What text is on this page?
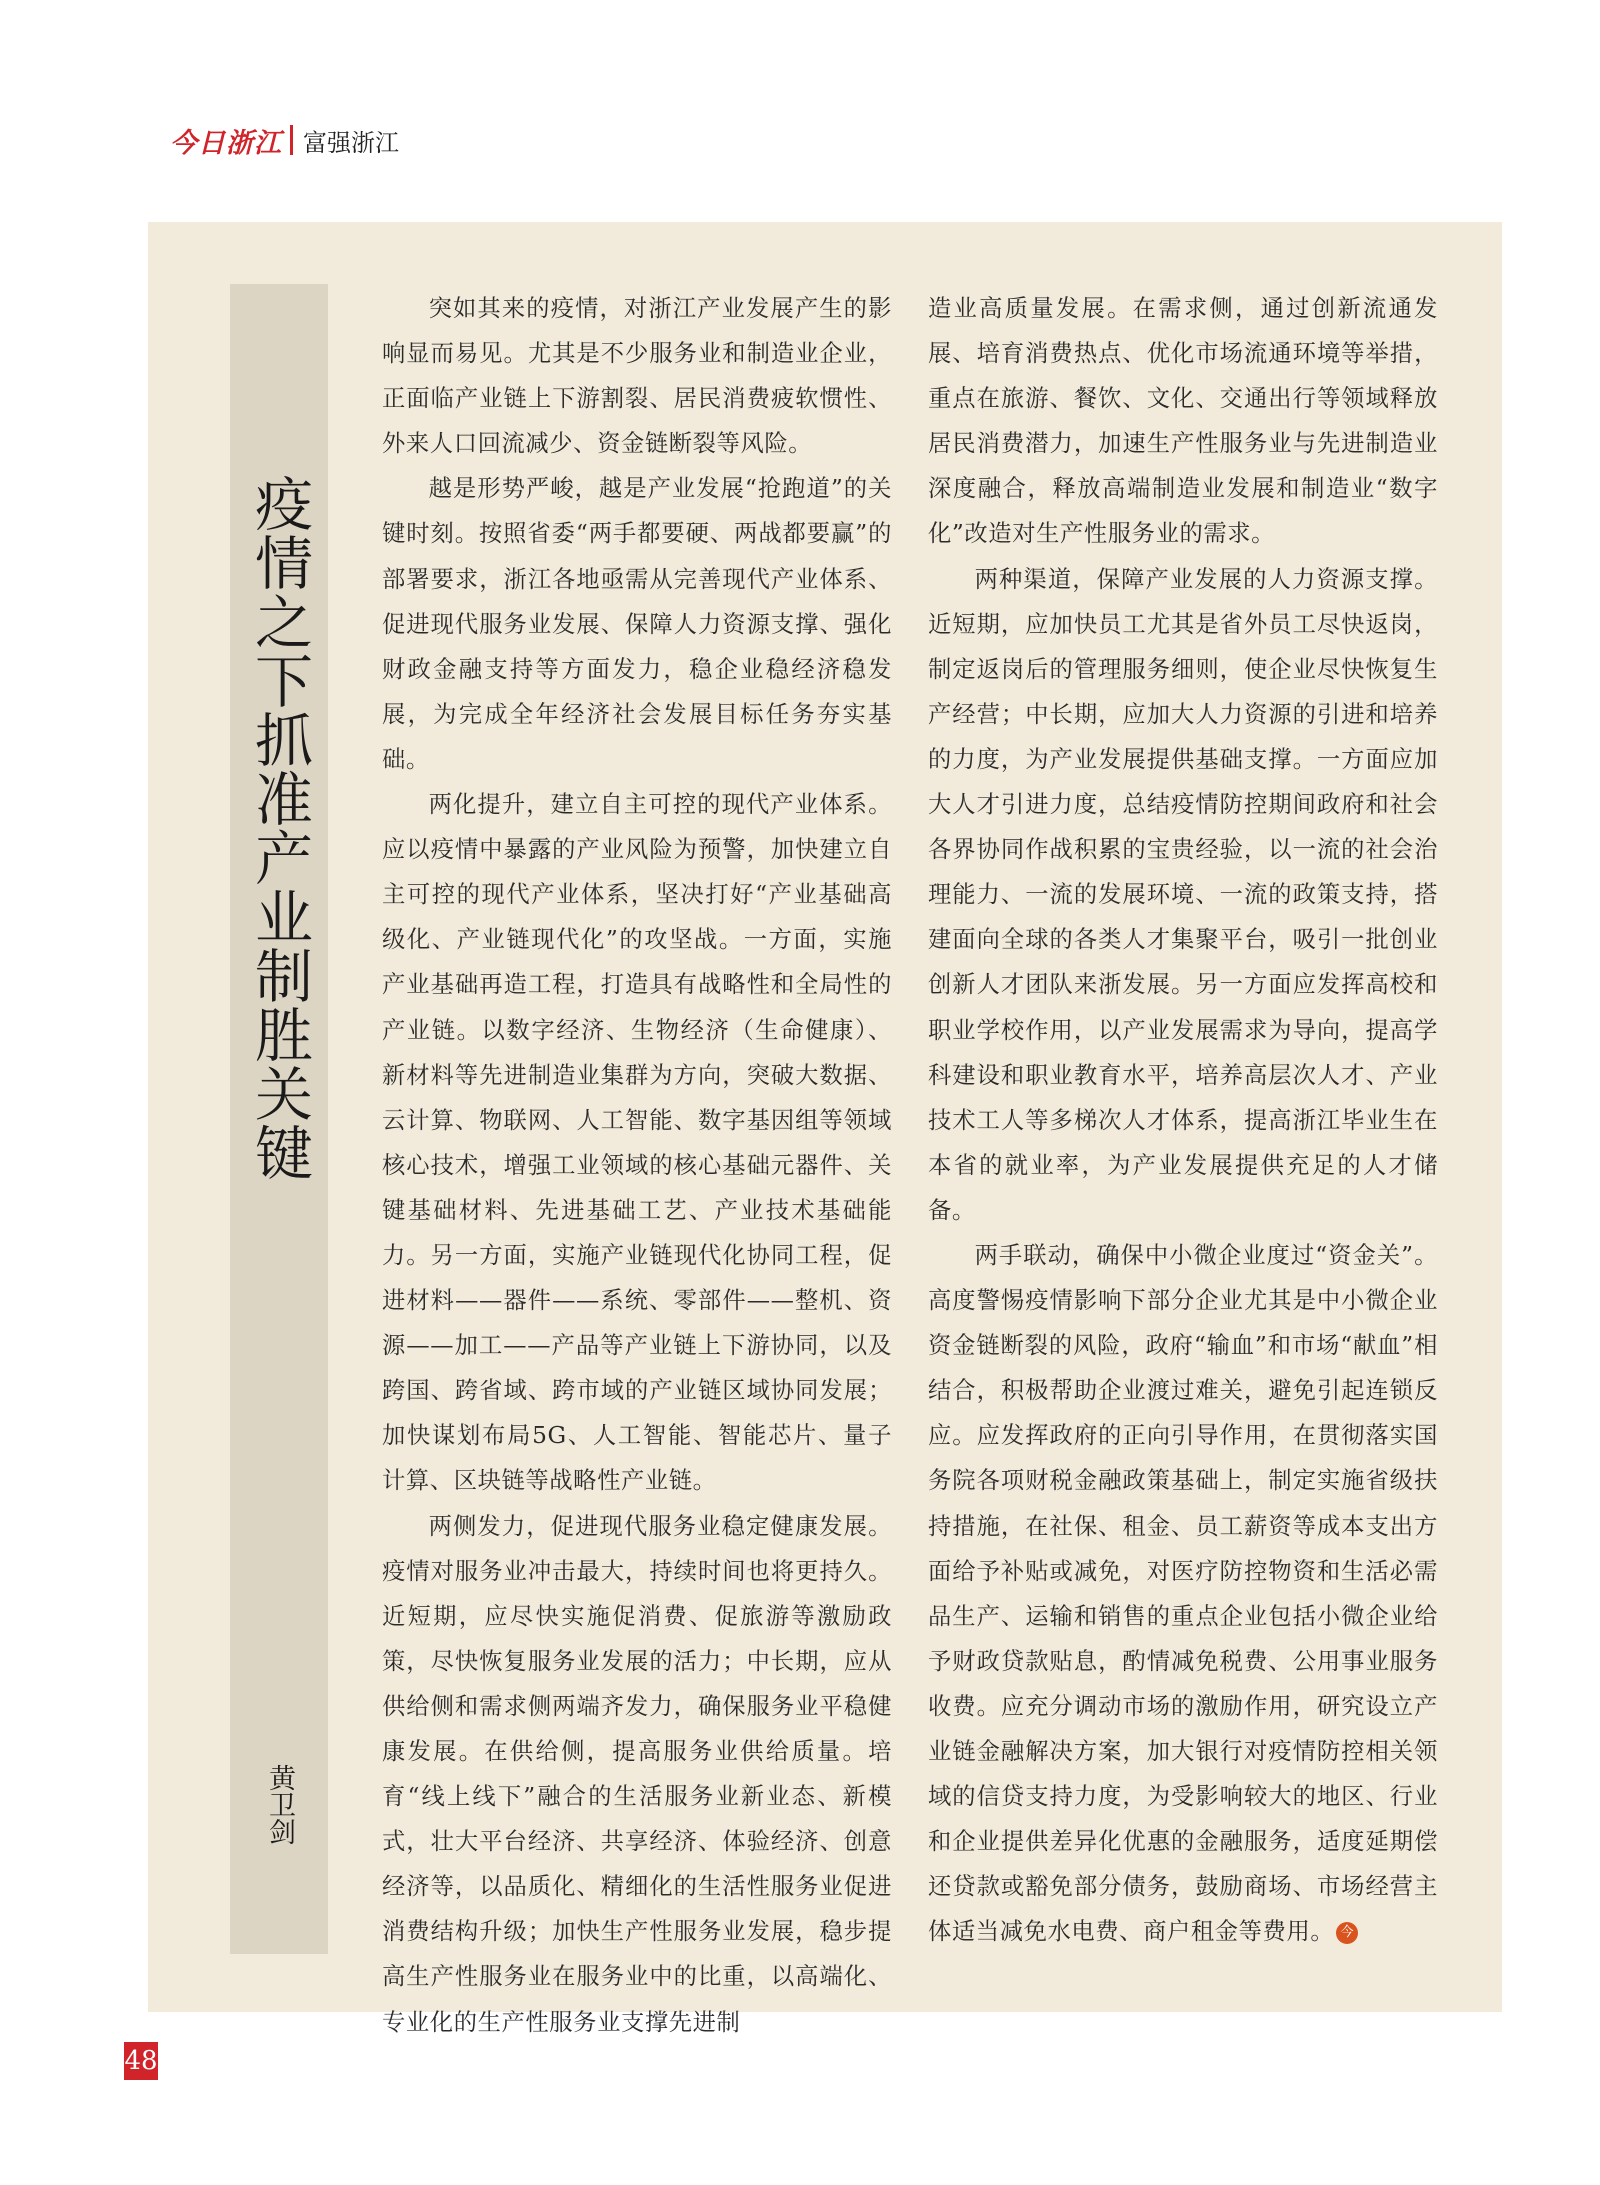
今日浙江 富强浙江
疫情之下抓准产业制胜关键
黄卫剑

突如其来的疫情，对浙江产业发展产生的影响显而易见。尤其是不少服务业和制造业企业，正面临产业链上下游割裂、居民消费疲软惯性、外来人口回流减少、资金链断裂等风险。

越是形势严峻，越是产业发展“抢跑道”的关键时刻。按照省委“两手都要硬、两战都要赢”的部署要求，浙江各地亟需从完善现代产业体系、促进现代服务业发展、保障人力资源支撑、强化财政金融支持等方面发力，稳企业稳经济稳发展，为完成全年经济社会发展目标任务夯实基础。

两化提升，建立自主可控的现代产业体系。应以疫情中暴露的产业风险为预警，加快建立自主可控的现代产业体系，坚决打好“产业基础高级化、产业链现代化”的攻坚战。一方面，实施产业基础再造工程，打造具有战略性和全局性的产业链。以数字经济、生物经济（生命健康）、新材料等先进制造业集群为方向，突破大数据、云计算、物联网、人工智能、数字基因组等领域核心技术，增强工业领域的核心基础元器件、关键基础材料、先进基础工艺、产业技术基础能力。另一方面，实施产业链现代化协同工程，促进材料——器件——系统、零部件——整机、资源——加工——产品等产业链上下游协同，以及跨国、跨省域、跨市域的产业链区域协同发展；加快谋划布局5G、人工智能、智能芯片、量子计算、区块链等战略性产业链。

两侧发力，促进现代服务业稳定健康发展。疫情对服务业冲击最大，持续时间也将更持久。近短期，应尽快实施促消费、促旅游等激励政策，尽快恢复服务业发展的活力；中长期，应从供给侧和需求侧两端齐发力，确保服务业平稳健康发展。在供给侧，提高服务业供给质量。培育“线上线下”融合的生活服务业新业态、新模式，壮大平台经济、共享经济、体验经济、创意经济等，以品质化、精细化的生活性服务业促进消费结构升级；加快生产性服务业发展，稳步提高生产性服务业在服务业中的比重，以高端化、专业化的生产性服务业支撑先进制

造业高质量发展。在需求侧，通过创新流通发展、培育消费热点、优化市场流通环境等举措，重点在旅游、餐饮、文化、交通出行等领域释放居民消费潜力，加速生产性服务业与先进制造业深度融合，释放高端制造业发展和制造业“数字化”改造对生产性服务业的需求。

两种渠道，保障产业发展的人力资源支撑。近短期，应加快员工尤其是省外员工尽快返岗，制定返岗后的管理服务细则，使企业尽快恢复生产经营；中长期，应加大人力资源的引进和培养的力度，为产业发展提供基础支撑。一方面应加大人才引进力度，总结疫情防控期间政府和社会各界协同作战积累的宝贵经验，以一流的社会治理能力、一流的发展环境、一流的政策支持，搭建面向全球的各类人才集聚平台，吸引一批创业创新人才团队来浙发展。另一方面应发挥高校和职业学校作用，以产业发展需求为导向，提高学科建设和职业教育水平，培养高层次人才、产业技术工人等多梯次人才体系，提高浙江毕业生在本省的就业率，为产业发展提供充足的人才储备。

两手联动，确保中小微企业度过“资金关”。高度警惕疫情影响下部分企业尤其是中小微企业资金链断裂的风险，政府“输血”和市场“献血”相结合，积极帮助企业渡过难关，避免引起连锁反应。应发挥政府的正向引导作用，在贯彻落实国务院各项财税金融政策基础上，制定实施省级扶持措施，在社保、租金、员工薪资等成本支出方面给予补贴或减免，对医疗防控物资和生活必需品生产、运输和销售的重点企业包括小微企业给予财政贷款贴息，酌情减免税费、公用事业服务收费。应充分调动市场的激励作用，研究设立产业链金融解决方案，加大银行对疫情防控相关领域的信贷支持力度，为受影响较大的地区、行业和企业提供差异化优惠的金融服务，适度延期偿还贷款或豁免部分债务，鼓励商场、市场经营主体适当减免水电费、商户租金等费用。 今

48
